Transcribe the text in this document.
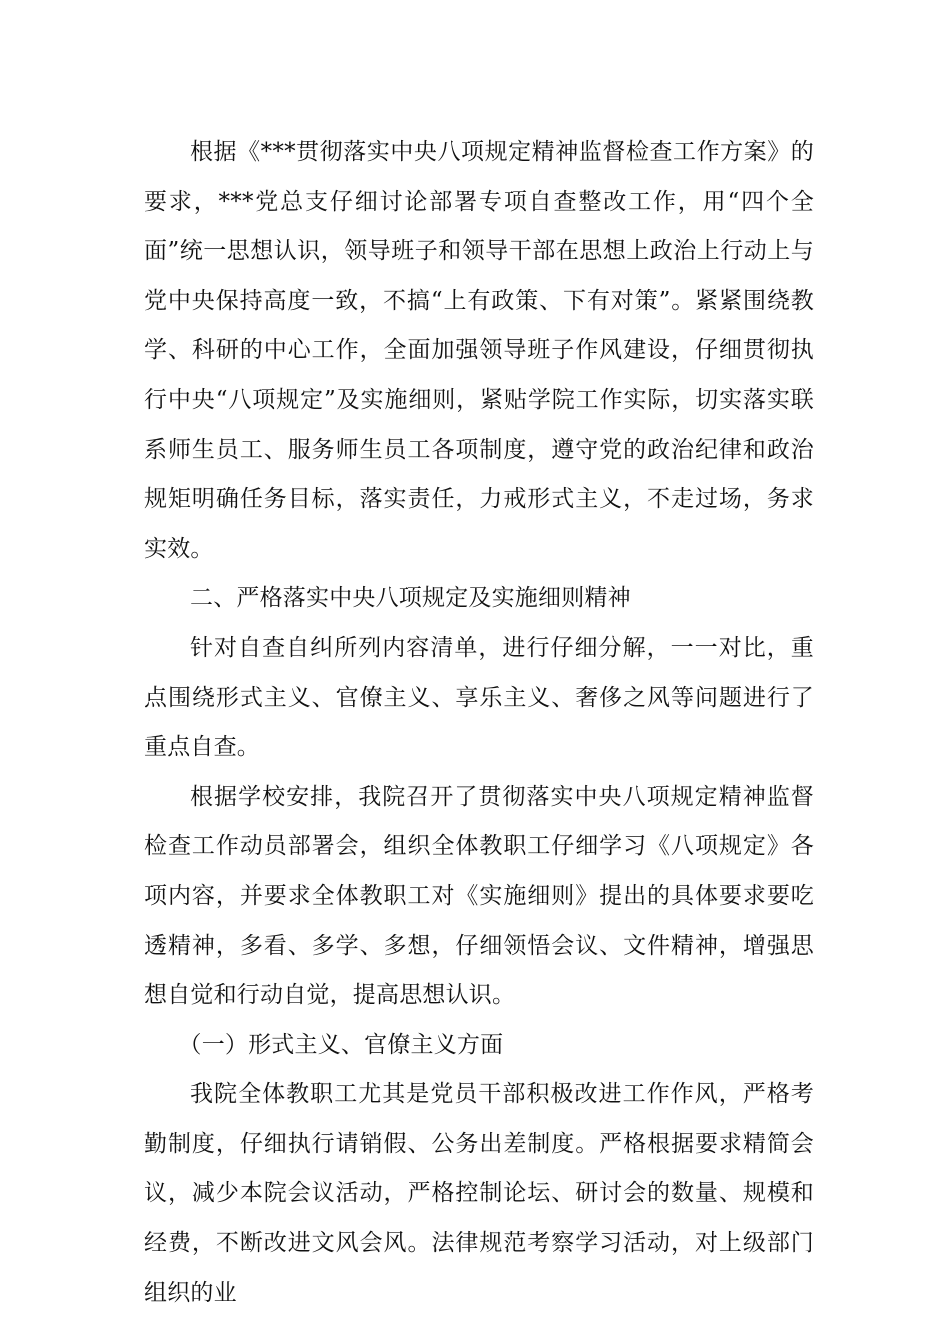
根据《***贯彻落实中央八项规定精神监督检查工作方案》的要求，***党总支仔细讨论部署专项自查整改工作，用“四个全面”统一思想认识，领导班子和领导干部在思想上政治上行动上与党中央保持高度一致，不搞“上有政策、下有对策”。紧紧围绕教学、科研的中心工作，全面加强领导班子作风建设，仔细贯彻执行中央“八项规定”及实施细则，紧贴学院工作实际，切实落实联系师生员工、服务师生员工各项制度，遵守党的政治纪律和政治规矩明确任务目标，落实责任，力戒形式主义，不走过场，务求实效。

二、严格落实中央八项规定及实施细则精神

针对自查自纠所列内容清单，进行仔细分解，一一对比，重点围绕形式主义、官僚主义、享乐主义、奢侈之风等问题进行了重点自查。

根据学校安排，我院召开了贯彻落实中央八项规定精神监督检查工作动员部署会，组织全体教职工仔细学习《八项规定》各项内容，并要求全体教职工对《实施细则》提出的具体要求要吃透精神，多看、多学、多想，仔细领悟会议、文件精神，增强思想自觉和行动自觉，提高思想认识。

（一）形式主义、官僚主义方面

我院全体教职工尤其是党员干部积极改进工作作风，严格考勤制度，仔细执行请销假、公务出差制度。严格根据要求精简会议，减少本院会议活动，严格控制论坛、研讨会的数量、规模和经费，不断改进文风会风。法律规范考察学习活动，对上级部门组织的业
